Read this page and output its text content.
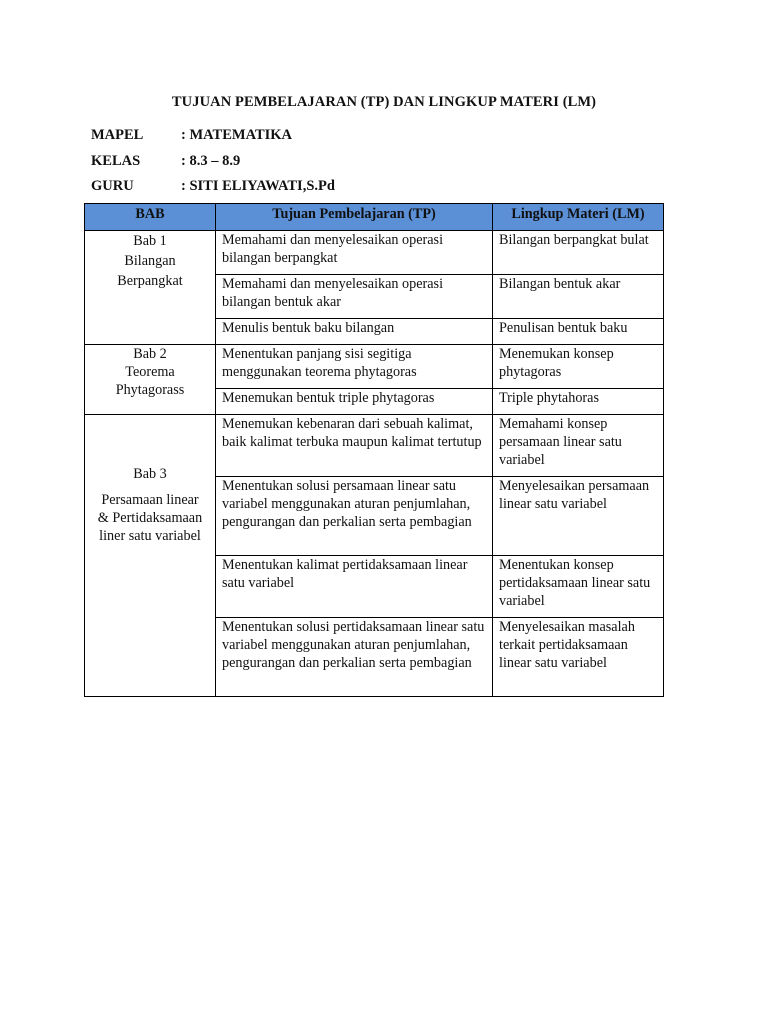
TUJUAN PEMBELAJARAN (TP) DAN LINGKUP MATERI (LM)
MAPEL	: MATEMATIKA
KELAS	: 8.3 – 8.9
GURU	: SITI ELIYAWATI,S.Pd
BAB	Tujuan Pembelajaran (TP)	Lingkup Materi (LM)

Bab 1
Bilangan
Berpangkat	Memahami dan menyelesaikan operasi bilangan berpangkat	Bilangan berpangkat bulat
	Memahami dan menyelesaikan operasi bilangan bentuk akar	Bilangan bentuk akar
	Menulis bentuk baku bilangan	Penulisan bentuk baku

Bab 2
Teorema
Phytagorass	Menentukan panjang sisi segitiga menggunakan teorema phytagoras	Menemukan konsep phytagoras
	Menemukan bentuk triple phytagoras	Triple phytahoras

Bab 3
Persamaan linear
& Pertidaksamaan
liner satu variabel	Menemukan kebenaran dari sebuah kalimat, baik kalimat terbuka maupun kalimat tertutup	Memahami konsep persamaan linear satu variabel
	Menentukan solusi persamaan linear satu variabel menggunakan aturan penjumlahan, pengurangan dan perkalian serta pembagian	Menyelesaikan persamaan linear satu variabel
	Menentukan kalimat pertidaksamaan linear satu variabel	Menentukan konsep pertidaksamaan linear satu variabel
	Menentukan solusi pertidaksamaan linear satu variabel menggunakan aturan penjumlahan, pengurangan dan perkalian serta pembagian	Menyelesaikan masalah terkait pertidaksamaan linear satu variabel
